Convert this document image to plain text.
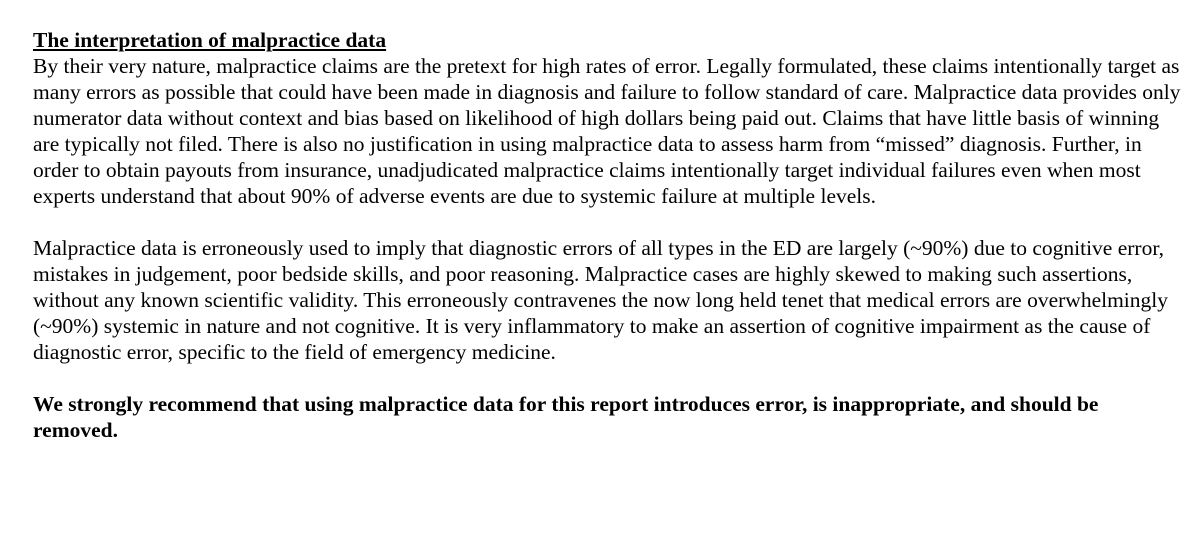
The interpretation of malpractice data

By their very nature, malpractice claims are the pretext for high rates of error. Legally formulated, these claims intentionally target as many errors as possible that could have been made in diagnosis and failure to follow standard of care. Malpractice data provides only numerator data without context and bias based on likelihood of high dollars being paid out. Claims that have little basis of winning are typically not filed. There is also no justification in using malpractice data to assess harm from “missed” diagnosis. Further, in order to obtain payouts from insurance, unadjudicated malpractice claims intentionally target individual failures even when most experts understand that about 90% of adverse events are due to systemic failure at multiple levels.

Malpractice data is erroneously used to imply that diagnostic errors of all types in the ED are largely (~90%) due to cognitive error, mistakes in judgement, poor bedside skills, and poor reasoning. Malpractice cases are highly skewed to making such assertions, without any known scientific validity. This erroneously contravenes the now long held tenet that medical errors are overwhelmingly (~90%) systemic in nature and not cognitive. It is very inflammatory to make an assertion of cognitive impairment as the cause of diagnostic error, specific to the field of emergency medicine.

We strongly recommend that using malpractice data for this report introduces error, is inappropriate, and should be removed.
